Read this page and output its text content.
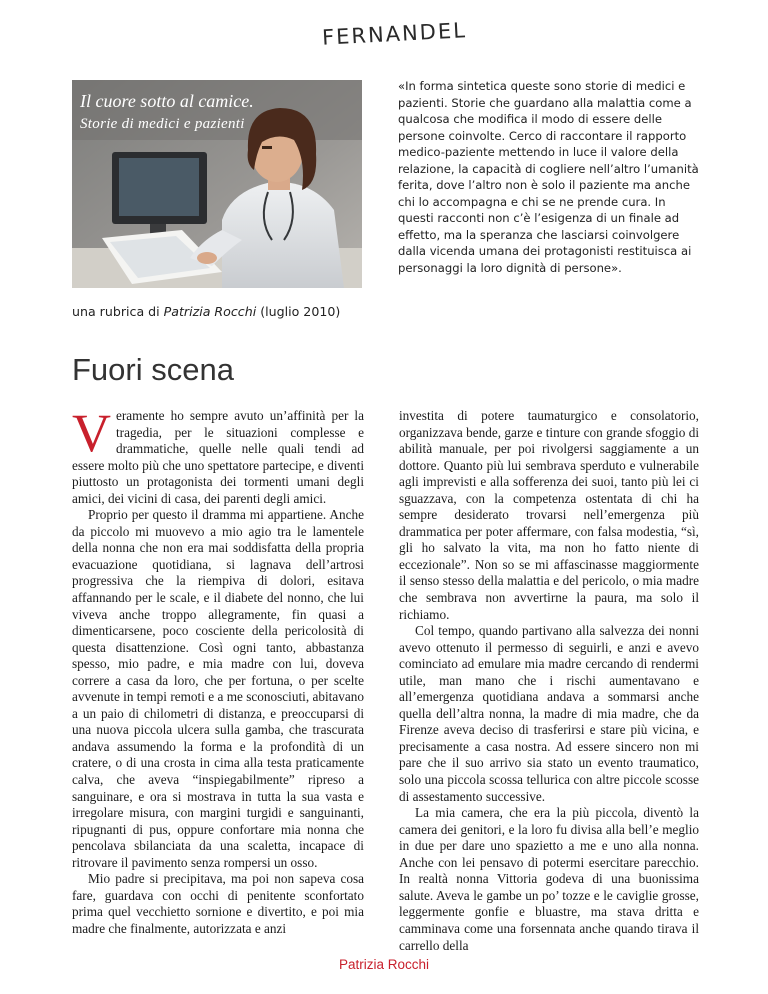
FERNANDEL
Il cuore sotto al camice.
Storie di medici e pazienti
«In forma sintetica queste sono storie di medici e pazienti. Storie che guardano alla malattia come a qualcosa che modifica il modo di essere delle persone coinvolte. Cerco di raccontare il rapporto medico-paziente mettendo in luce il valore della relazione, la capacità di cogliere nell’altro l’umanità ferita, dove l’altro non è solo il paziente ma anche chi lo accompagna e chi se ne prende cura. In questi racconti non c’è l’esigenza di un finale ad effetto, ma la speranza che lasciarsi coinvolgere dalla vicenda umana dei protagonisti restituisca ai personaggi la loro dignità di persone».
una rubrica di Patrizia Rocchi (luglio 2010)
Fuori scena

Veramente ho sempre avuto un’affinità per la tragedia, per le situazioni complesse e drammatiche, quelle nelle quali tendi ad essere molto più che uno spettatore partecipe, e diventi piuttosto un protagonista dei tormenti umani degli amici, dei vicini di casa, dei parenti degli amici.

Proprio per questo il dramma mi appartiene. Anche da piccolo mi muovevo a mio agio tra le lamentele della nonna che non era mai soddisfatta della propria evacuazione quotidiana, si lagnava dell’artrosi progressiva che la riempiva di dolori, esitava affannando per le scale, e il diabete del nonno, che lui viveva anche troppo allegramente, fin quasi a dimenticarsene, poco cosciente della pericolosità di questa disattenzione. Così ogni tanto, abbastanza spesso, mio padre, e mia madre con lui, doveva correre a casa da loro, che per fortuna, o per scelte avvenute in tempi remoti e a me sconosciuti, abitavano a un paio di chilometri di distanza, e preoccuparsi di una nuova piccola ulcera sulla gamba, che trascurata andava assumendo la forma e la profondità di un cratere, o di una crosta in cima alla testa praticamente calva, che aveva “inspiegabilmente” ripreso a sanguinare, e ora si mostrava in tutta la sua vasta e irregolare misura, con margini turgidi e sanguinanti, ripugnanti di pus, oppure confortare mia nonna che pencolava sbilanciata da una scaletta, incapace di ritrovare il pavimento senza rompersi un osso.

Mio padre si precipitava, ma poi non sapeva cosa fare, guardava con occhi di penitente sconfortato prima quel vecchietto sornione e divertito, e poi mia madre che finalmente, autorizzata e anzi

investita di potere taumaturgico e consolatorio, organizzava bende, garze e tinture con grande sfoggio di abilità manuale, per poi rivolgersi saggiamente a un dottore. Quanto più lui sembrava sperduto e vulnerabile agli imprevisti e alla sofferenza dei suoi, tanto più lei ci sguazzava, con la competenza ostentata di chi ha sempre desiderato trovarsi nell’emergenza più drammatica per poter affermare, con falsa modestia, “sì, gli ho salvato la vita, ma non ho fatto niente di eccezionale”. Non so se mi affascinasse maggiormente il senso stesso della malattia e del pericolo, o mia madre che sembrava non avvertirne la paura, ma solo il richiamo.

Col tempo, quando partivano alla salvezza dei nonni avevo ottenuto il permesso di seguirli, e anzi e avevo cominciato ad emulare mia madre cercando di rendermi utile, man mano che i rischi aumentavano e all’emergenza quotidiana andava a sommarsi anche quella dell’altra nonna, la madre di mia madre, che da Firenze aveva deciso di trasferirsi e stare più vicina, e precisamente a casa nostra. Ad essere sincero non mi pare che il suo arrivo sia stato un evento traumatico, solo una piccola scossa tellurica con altre piccole scosse di assestamento successive.

La mia camera, che era la più piccola, diventò la camera dei genitori, e la loro fu divisa alla bell’e meglio in due per dare uno spazietto a me e uno alla nonna. Anche con lei pensavo di potermi esercitare parecchio. In realtà nonna Vittoria godeva di una buonissima salute. Aveva le gambe un po’ tozze e le caviglie grosse, leggermente gonfie e bluastre, ma stava dritta e camminava come una forsennata anche quando tirava il carrello della

Patrizia Rocchi
